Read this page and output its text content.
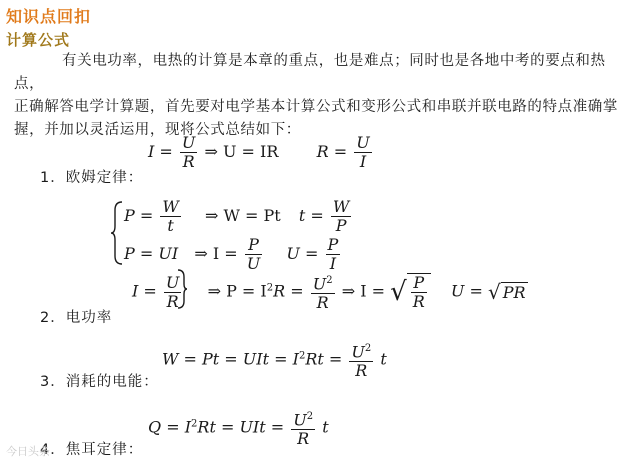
知识点回扣
计算公式
有关电功率，电热的计算是本章的重点，也是难点；同时也是各地中考的要点和热点，
正确解答电学计算题，首先要对电学基本计算公式和变形公式和串联并联电路的特点准确掌
握，并加以灵活运用，现将公式总结如下：
1．欧姆定律：
$I = \frac{U}{R}$ ⇒ U = IR $R = \frac{U}{I}$
$P = \frac{W}{t}$ ⇒ W = Pt $t = \frac{W}{P}$
P = UI ⇒ $I = \frac{P}{U}$ $U = \frac{P}{I}$
$I = \frac{U}{R}$ ⇒ $P = I^2R = \frac{U^2}{R}$ ⇒ I = √ $\frac{P}{R}$ U = √ PR
2．电功率
W = Pt = UIt = $I^2Rt = \frac{U^2}{R}$ t
3．消耗的电能：
$Q = I^2Rt$ = UIt = $\frac{U^2}{R}$ t
4．焦耳定律：
今日头条
